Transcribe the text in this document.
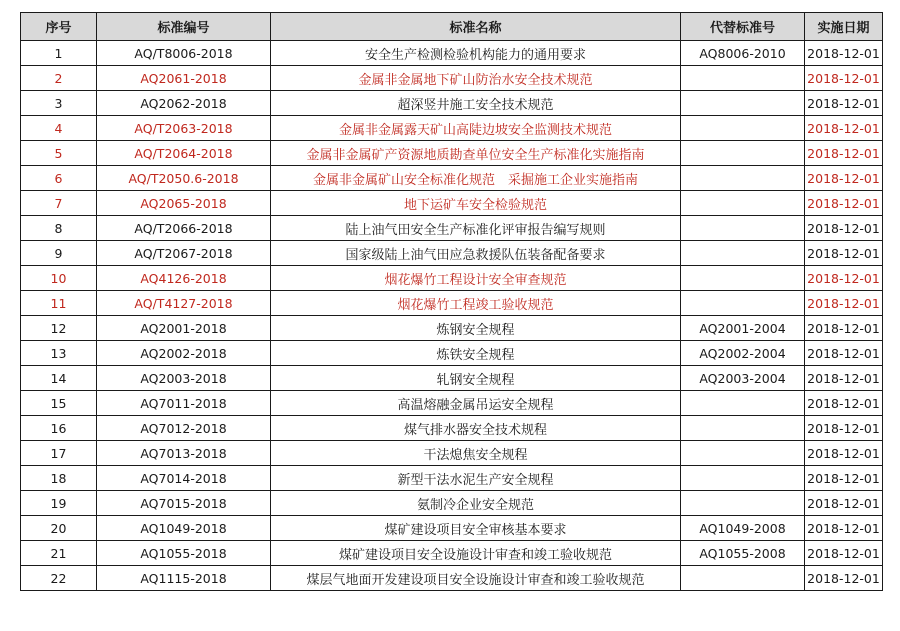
序号	标准编号	标准名称	代替标准号	实施日期
1	AQ/T8006-2018	安全生产检测检验机构能力的通用要求	AQ8006-2010	2018-12-01
2	AQ2061-2018	金属非金属地下矿山防治水安全技术规范		2018-12-01
3	AQ2062-2018	超深竖井施工安全技术规范		2018-12-01
4	AQ/T2063-2018	金属非金属露天矿山高陡边坡安全监测技术规范		2018-12-01
5	AQ/T2064-2018	金属非金属矿产资源地质勘查单位安全生产标准化实施指南		2018-12-01
6	AQ/T2050.6-2018	金属非金属矿山安全标准化规范　采掘施工企业实施指南		2018-12-01
7	AQ2065-2018	地下运矿车安全检验规范		2018-12-01
8	AQ/T2066-2018	陆上油气田安全生产标准化评审报告编写规则		2018-12-01
9	AQ/T2067-2018	国家级陆上油气田应急救援队伍装备配备要求		2018-12-01
10	AQ4126-2018	烟花爆竹工程设计安全审查规范		2018-12-01
11	AQ/T4127-2018	烟花爆竹工程竣工验收规范		2018-12-01
12	AQ2001-2018	炼钢安全规程	AQ2001-2004	2018-12-01
13	AQ2002-2018	炼铁安全规程	AQ2002-2004	2018-12-01
14	AQ2003-2018	轧钢安全规程	AQ2003-2004	2018-12-01
15	AQ7011-2018	高温熔融金属吊运安全规程		2018-12-01
16	AQ7012-2018	煤气排水器安全技术规程		2018-12-01
17	AQ7013-2018	干法熄焦安全规程		2018-12-01
18	AQ7014-2018	新型干法水泥生产安全规程		2018-12-01
19	AQ7015-2018	氨制冷企业安全规范		2018-12-01
20	AQ1049-2018	煤矿建设项目安全审核基本要求	AQ1049-2008	2018-12-01
21	AQ1055-2018	煤矿建设项目安全设施设计审查和竣工验收规范	AQ1055-2008	2018-12-01
22	AQ1115-2018	煤层气地面开发建设项目安全设施设计审查和竣工验收规范		2018-12-01
